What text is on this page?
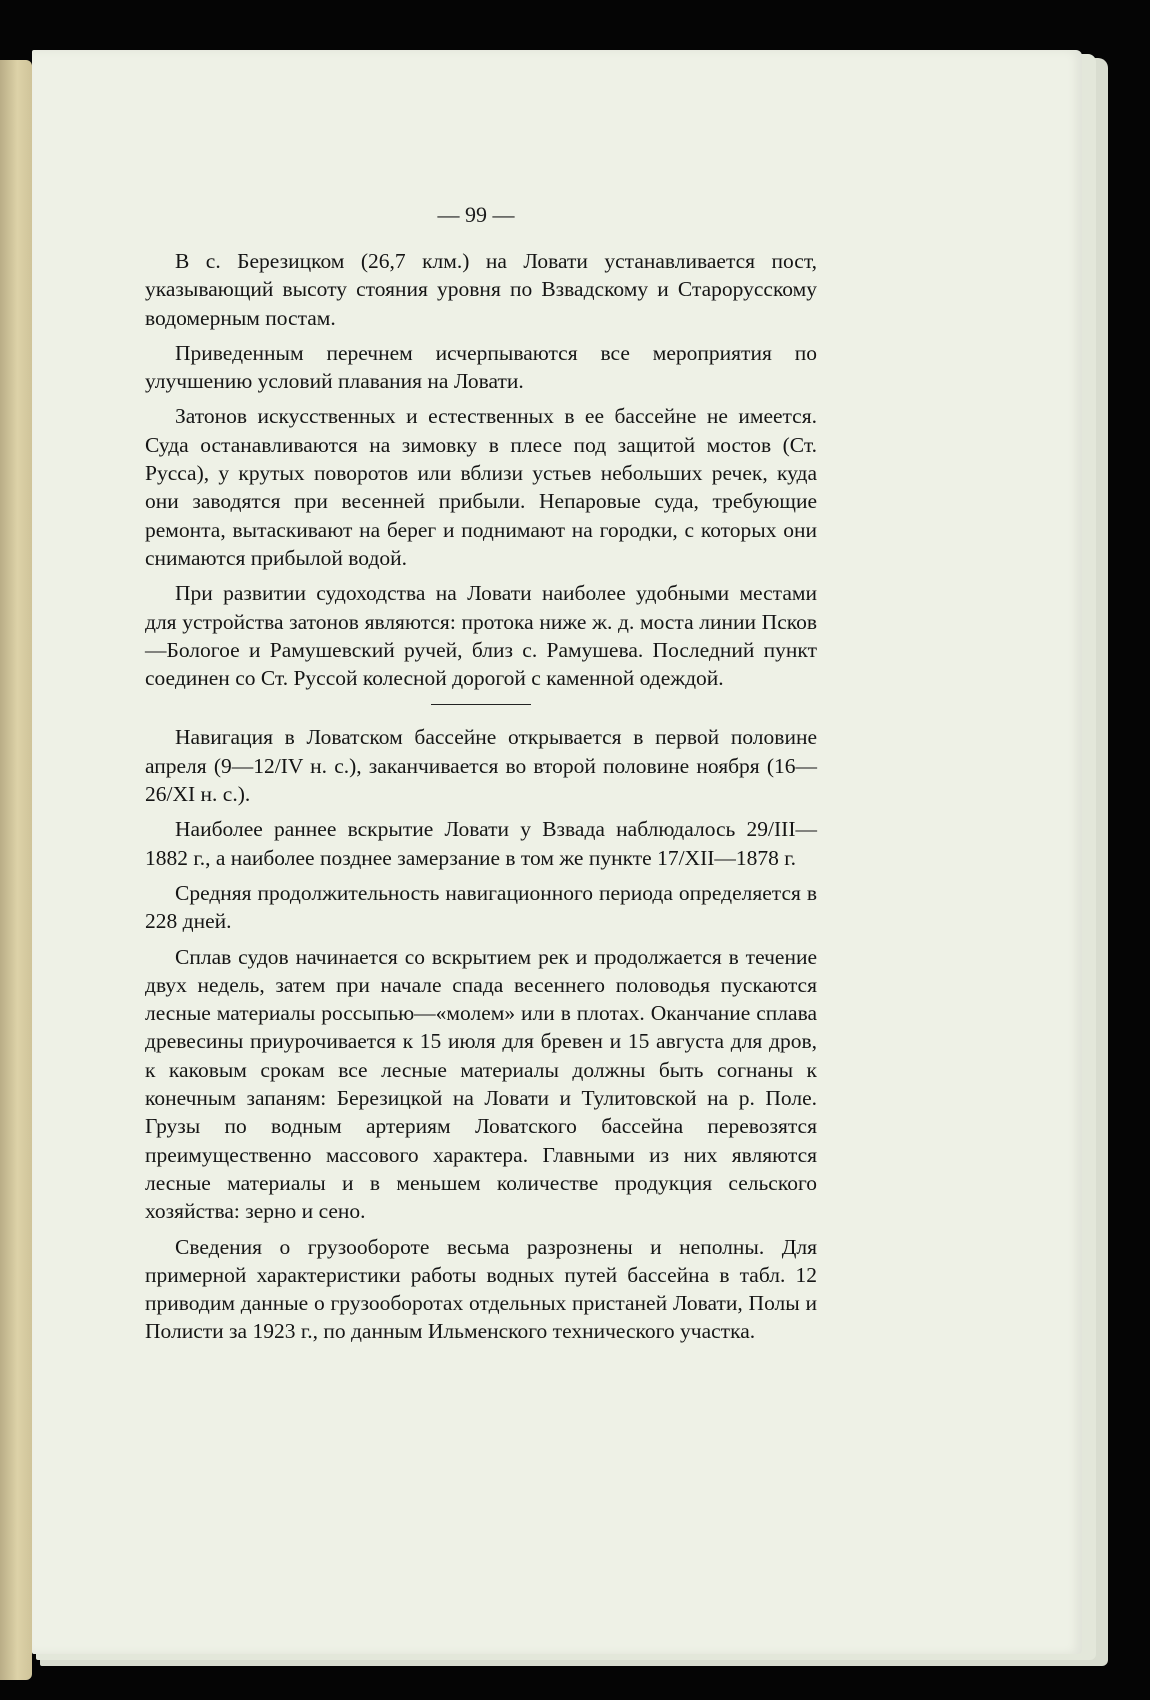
— 99 —

В с. Березицком (26,7 клм.) на Ловати устанавливается пост, указывающий высоту стояния уровня по Взвадскому и Старорусскому водомерным постам.

Приведенным перечнем исчерпываются все мероприятия по улучшению условий плавания на Ловати.

Затонов искусственных и естественных в ее бассейне не имеется. Суда останавливаются на зимовку в плесе под защитой мостов (Ст. Русса), у крутых поворотов или вблизи устьев небольших речек, куда они заводятся при весенней прибыли. Непаровые суда, требующие ремонта, вытаскивают на берег и поднимают на городки, с которых они снимаются прибылой водой.

При развитии судоходства на Ловати наиболее удобными местами для устройства затонов являются: протока ниже ж. д. моста линии Псков—Бологое и Рамушевский ручей, близ с. Рамушева. Последний пункт соединен со Ст. Руссой колесной дорогой с каменной одеждой.

Навигация в Ловатском бассейне открывается в первой половине апреля (9—12/IV н. с.), заканчивается во второй половине ноября (16—26/XI н. с.).

Наиболее раннее вскрытие Ловати у Взвада наблюдалось 29/III—1882 г., а наиболее позднее замерзание в том же пункте 17/XII—1878 г.

Средняя продолжительность навигационного периода определяется в 228 дней.

Сплав судов начинается со вскрытием рек и продолжается в течение двух недель, затем при начале спада весеннего половодья пускаются лесные материалы россыпью—«молем» или в плотах. Оканчание сплава древесины приурочивается к 15 июля для бревен и 15 августа для дров, к каковым срокам все лесные материалы должны быть согнаны к конечным запаням: Березицкой на Ловати и Тулитовской на р. Поле. Грузы по водным артериям Ловатского бассейна перевозятся преимущественно массового характера. Главными из них являются лесные материалы и в меньшем количестве продукция сельского хозяйства: зерно и сено.

Сведения о грузообороте весьма разрознены и неполны. Для примерной характеристики работы водных путей бассейна в табл. 12 приводим данные о грузооборотах отдельных пристаней Ловати, Полы и Полисти за 1923 г., по данным Ильменского технического участка.
